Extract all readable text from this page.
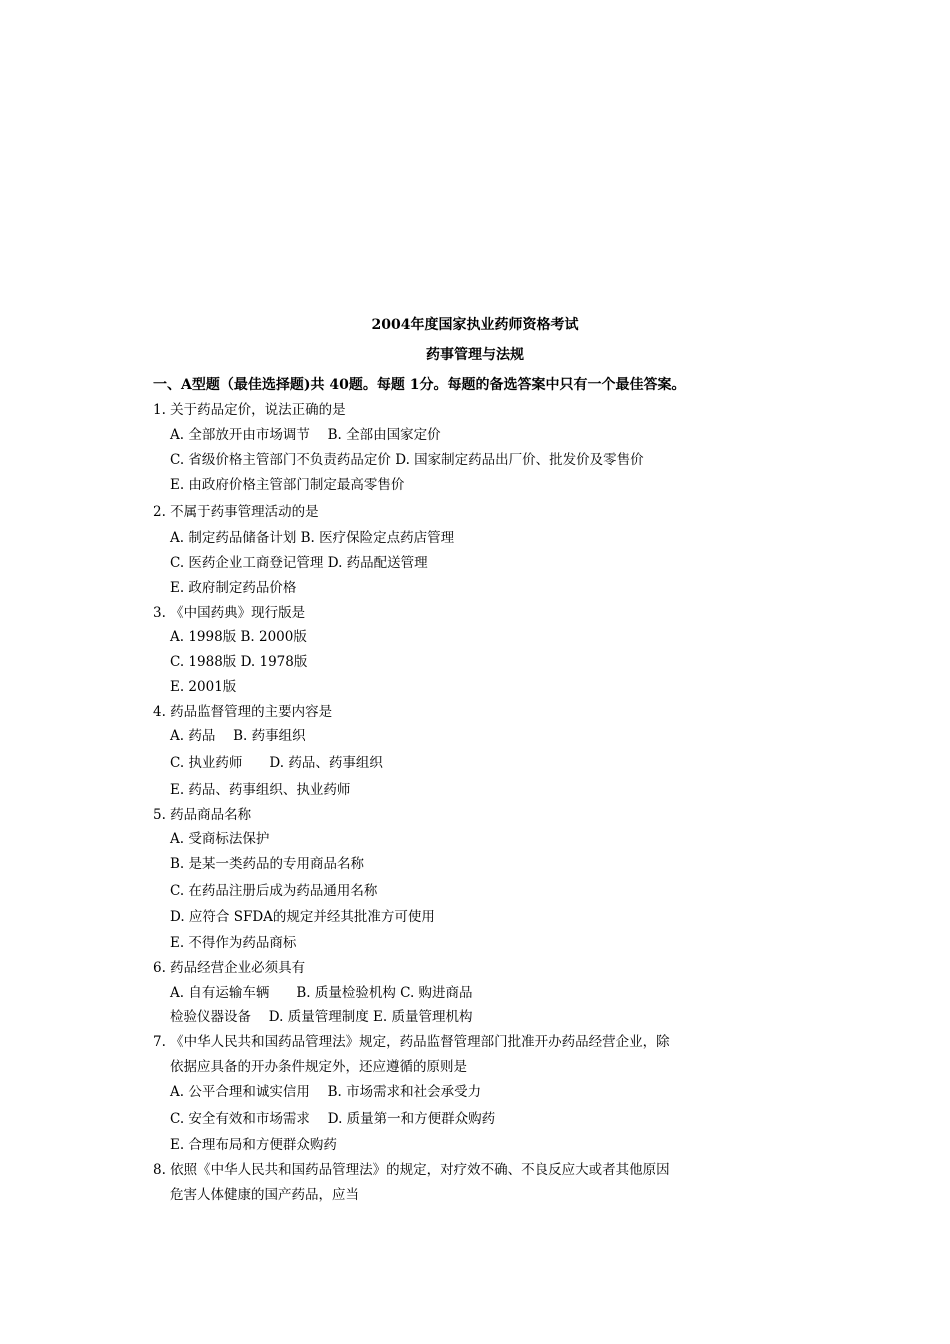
2004年度国家执业药师资格考试
药事管理与法规
一、A型题（最佳选择题)共 40题。每题 1分。每题的备选答案中只有一个最佳答案。
1. 关于药品定价，说法正确的是
A. 全部放开由市场调节　 B. 全部由国家定价
C. 省级价格主管部门不负责药品定价 D. 国家制定药品出厂价、批发价及零售价
E. 由政府价格主管部门制定最高零售价
2. 不属于药事管理活动的是
A. 制定药品储备计划 B. 医疗保险定点药店管理
C. 医药企业工商登记管理 D. 药品配送管理
E. 政府制定药品价格
3. 《中国药典》现行版是
A. 1998版 B. 2000版
C. 1988版 D. 1978版
E. 2001版
4. 药品监督管理的主要内容是
A. 药品　 B. 药事组织
C. 执业药师　　D. 药品、药事组织
E. 药品、药事组织、执业药师
5. 药品商品名称
A. 受商标法保护
B. 是某一类药品的专用商品名称
C. 在药品注册后成为药品通用名称
D. 应符合 SFDA的规定并经其批准方可使用
E. 不得作为药品商标
6. 药品经营企业必须具有
A. 自有运输车辆　　B. 质量检验机构 C. 购进商品
检验仪器设备　 D. 质量管理制度 E. 质量管理机构
7. 《中华人民共和国药品管理法》规定，药品监督管理部门批准开办药品经营企业，除
依据应具备的开办条件规定外，还应遵循的原则是
A. 公平合理和诚实信用　 B. 市场需求和社会承受力
C. 安全有效和市场需求　 D. 质量第一和方便群众购药
E. 合理布局和方便群众购药
8. 依照《中华人民共和国药品管理法》的规定，对疗效不确、不良反应大或者其他原因
危害人体健康的国产药品，应当
